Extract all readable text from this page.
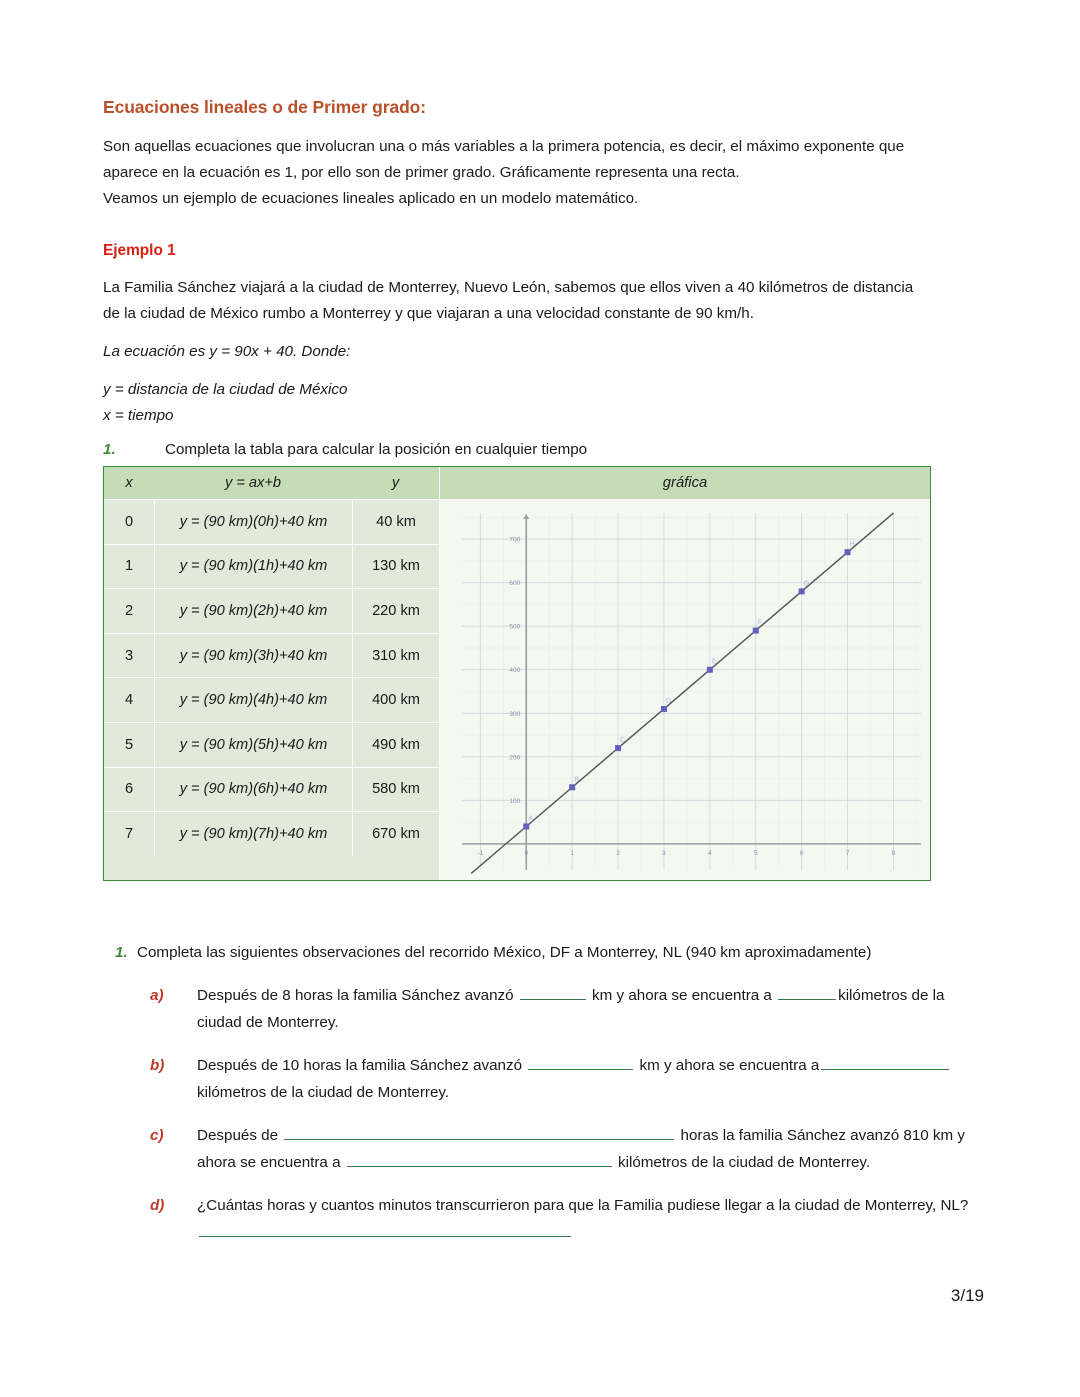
Ecuaciones lineales o de Primer grado:

Son aquellas ecuaciones que involucran una o más variables a la primera potencia, es decir, el máximo exponente que

aparece en la ecuación es 1, por ello son de primer grado. Gráficamente representa una recta.

Veamos un ejemplo de ecuaciones lineales aplicado en un modelo matemático.

Ejemplo 1

La Familia Sánchez viajará a la ciudad de Monterrey, Nuevo León, sabemos que ellos viven a 40 kilómetros de distancia

de la ciudad de México rumbo a Monterrey y que viajaran a una velocidad constante de 90 km/h.

La ecuación es y = 90x + 40. Donde:

y = distancia de la ciudad de México

x = tiempo

1.	Completa la tabla para calcular la posición en cualquier tiempo
x	y = ax+b	y
0	y = (90 km)(0h)+40 km	40 km
1	y = (90 km)(1h)+40 km	130 km
2	y = (90 km)(2h)+40 km	220 km
3	y = (90 km)(3h)+40 km	310 km
4	y = (90 km)(4h)+40 km	400 km
5	y = (90 km)(5h)+40 km	490 km
6	y = (90 km)(6h)+40 km	580 km
7	y = (90 km)(7h)+40 km	670 km
gráfica
100
200
300
400
500
600
700
-1	0	1	2	3	4	5	6	7	8
A
B
C
D
E
F
G
H
1. Completa las siguientes observaciones del recorrido México, DF a Monterrey, NL (940 km aproximadamente)
a)	Después de 8 horas la familia Sánchez avanzó	km y ahora se encuentra a	kilómetros de la ciudad de Monterrey.
b)	Después de 10 horas la familia Sánchez avanzó	km y ahora se encuentra a kilómetros de la ciudad de Monterrey.
c)	Después de	horas la familia Sánchez avanzó 810 km y ahora se encuentra a	kilómetros de la ciudad de Monterrey.
d)	¿Cuántas horas y cuantos minutos transcurrieron para que la Familia pudiese llegar a la ciudad de Monterrey, NL?
3/19
